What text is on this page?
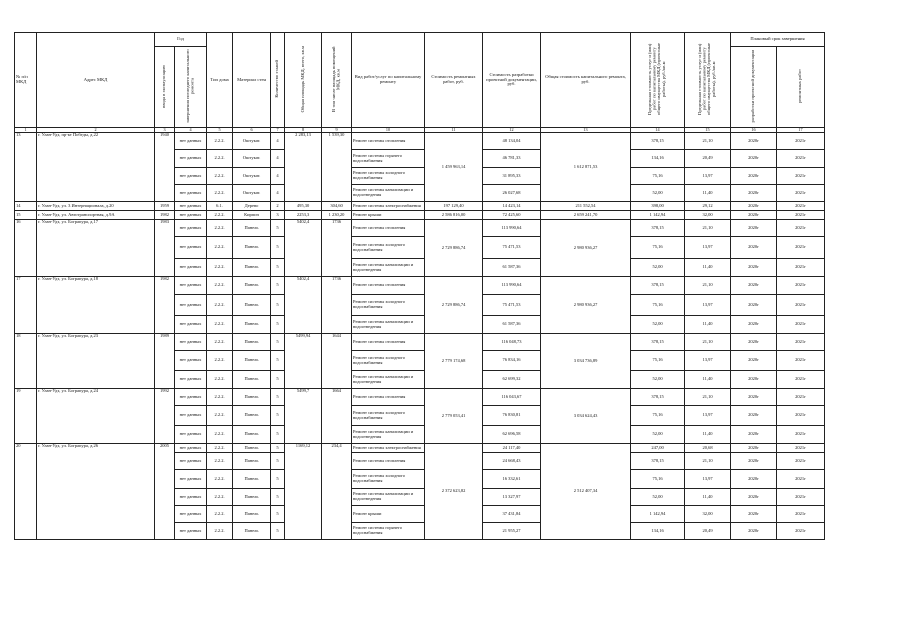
№ п/п МКД	Адрес МКД	Год		Тип дома	Материал стен	Количество этажей	Общая площадь МКД, всего, кв.м	В том числе площадь помещений МКД, кв.м	Вид работ/услуг по капитальному ремонту	Стоимость ремонтных работ, руб.	Стоимость разработки проектной документации, руб.	Общая стоимость капитального ремонта, руб.	Предельная стоимость услуг и (или) работ по капитальному ремонту общего имущества МКД (проектные работы), руб./кв.м	Предельная стоимость услуг и (или) работ по капитальному ремонту общего имущества МКД (проектные работы), руб./кв.м	Плановый срок завершения	
		ввода в эксплуатацию	завершения последнего капитального ремонта												разработки проектной документации	ремонтных работ
1	2	3	4	5	6	7	8	9	10	11	12	13	14	15	16	17
13	г. Улан-Удэ, пр-кт Победы, д.22	1940	нет данных	2.2.2.	Оштукат.	4	2 283,13	1 539,30	Ремонт системы отопления	1 459 963,14	48 134,04	1 612 871,53	378,15	21,10	2020г	2021г
			нет данных	2.2.2.	Оштукат.	4			Ремонт системы горячего водоснабжения		46 781,33		134,16	20,49	2020г	2021г
			нет данных	2.2.2.	Оштукат.	4			Ремонт системы холодного водоснабжения		31 895,33		75,16	13,97	2020г	2021г
			нет данных	2.2.2.	Оштукат.	4			Ремонт системы канализации и водоотведения		26 027,68		52,00	11,40	2020г	2021г
14	г. Улан-Удэ, ул. 3 Интернационала, д.20	1959	нет данных	6.1.	Дерево	2	495,30	304,60	Ремонт системы электроснабжения	197 129,40	14 423,14	211 552,54	398,00	29,12	2020г	2021г
15	г. Улан-Удэ, ул. Автотранспортная, д.9А	1982	нет данных	2.2.2.	Кирпич	3	2253,3	1 230,20	Ремонт крыши	2 586 816,00	72 425,60	2 659 241,70	1 142,94	32,00	2020г	2021г
16	г. Улан-Удэ, ул. Бограпура, д.17	1983	нет данных	2.2.2.	Панель	5	5402,4	1736	Ремонт системы отопления	2 729 886,74	113 990,64	2 980 936,27	378,15	21,10	2020г	2021г
			нет данных	2.2.2.	Панель	5			Ремонт системы холодного водоснабжения		75 471,53		75,16	13,97	2020г	2021г
			нет данных	2.2.2.	Панель	5			Ремонт системы канализации и водоотведения		61 587,36		52,00	11,40	2020г	2021г
17	г. Улан-Удэ, ул. Бограпура, д.18	1982	нет данных	2.2.2.	Панель	5	5402,4	1736	Ремонт системы отопления	2 729 886,74	113 990,64	2 980 936,27	378,15	21,10	2020г	2021г
			нет данных	2.2.2.	Панель	5			Ремонт системы холодного водоснабжения		75 471,53		75,16	13,97	2020г	2021г
			нет данных	2.2.2.	Панель	5			Ремонт системы канализации и водоотведения		61 587,36		52,00	11,40	2020г	2021г
18	г. Улан-Удэ, ул. Бограпура, д.23	1989	нет данных	2.2.2.	Панель	5	5499,94	1644	Ремонт системы отопления	2 779 174,68	116 048,73	3 034 736,89	378,15	21,10	2020г	2021г
			нет данных	2.2.2.	Панель	5			Ремонт системы холодного водоснабжения		76 834,16		75,16	13,97	2020г	2021г
			нет данных	2.2.2.	Панель	5			Ремонт системы канализации и водоотведения		62 699,32		52,00	11,40	2020г	2021г
19	г. Улан-Удэ, ул. Бограпура, д.24	1992	нет данных	2.2.2.	Панель	5	5499,7	1664	Ремонт системы отопления	2 779 053,41	116 043,67	3 034 624,43	378,15	21,10	2020г	2021г
			нет данных	2.2.2.	Панель	5			Ремонт системы холодного водоснабжения		76 830,81		75,16	13,97	2020г	2021г
			нет данных	2.2.2.	Панель	5			Ремонт системы канализации и водоотведения		62 696,58		52,00	11,40	2020г	2021г
20	г. Улан-Удэ, ул. Бограпура, д.26	2005	нет данных	2.2.2.	Панель	5	1169,12	234,4	Ремонт системы электроснабжения	2 372 623,82	24 117,40	2 512 407,34	247,00	20,68	2020г	2021г
			нет данных	2.2.2.	Панель	5			Ремонт системы отопления		24 668,43		378,15	21,10	2020г	2021г
			нет данных	2.2.2.	Панель	5			Ремонт системы холодного водоснабжения		16 332,61		75,16	13,97	2020г	2021г
			нет данных	2.2.2.	Панель	5			Ремонт системы канализации и водоотведения		13 327,97		52,00	11,40	2020г	2021г
			нет данных	2.2.2.	Панель	5			Ремонт крыши		37 431,84		1 142,94	32,00	2020г	2021г
			нет данных	2.2.2.	Панель	5			Ремонт системы горячего водоснабжения		21 955,27		134,16	20,49	2020г	2021г
